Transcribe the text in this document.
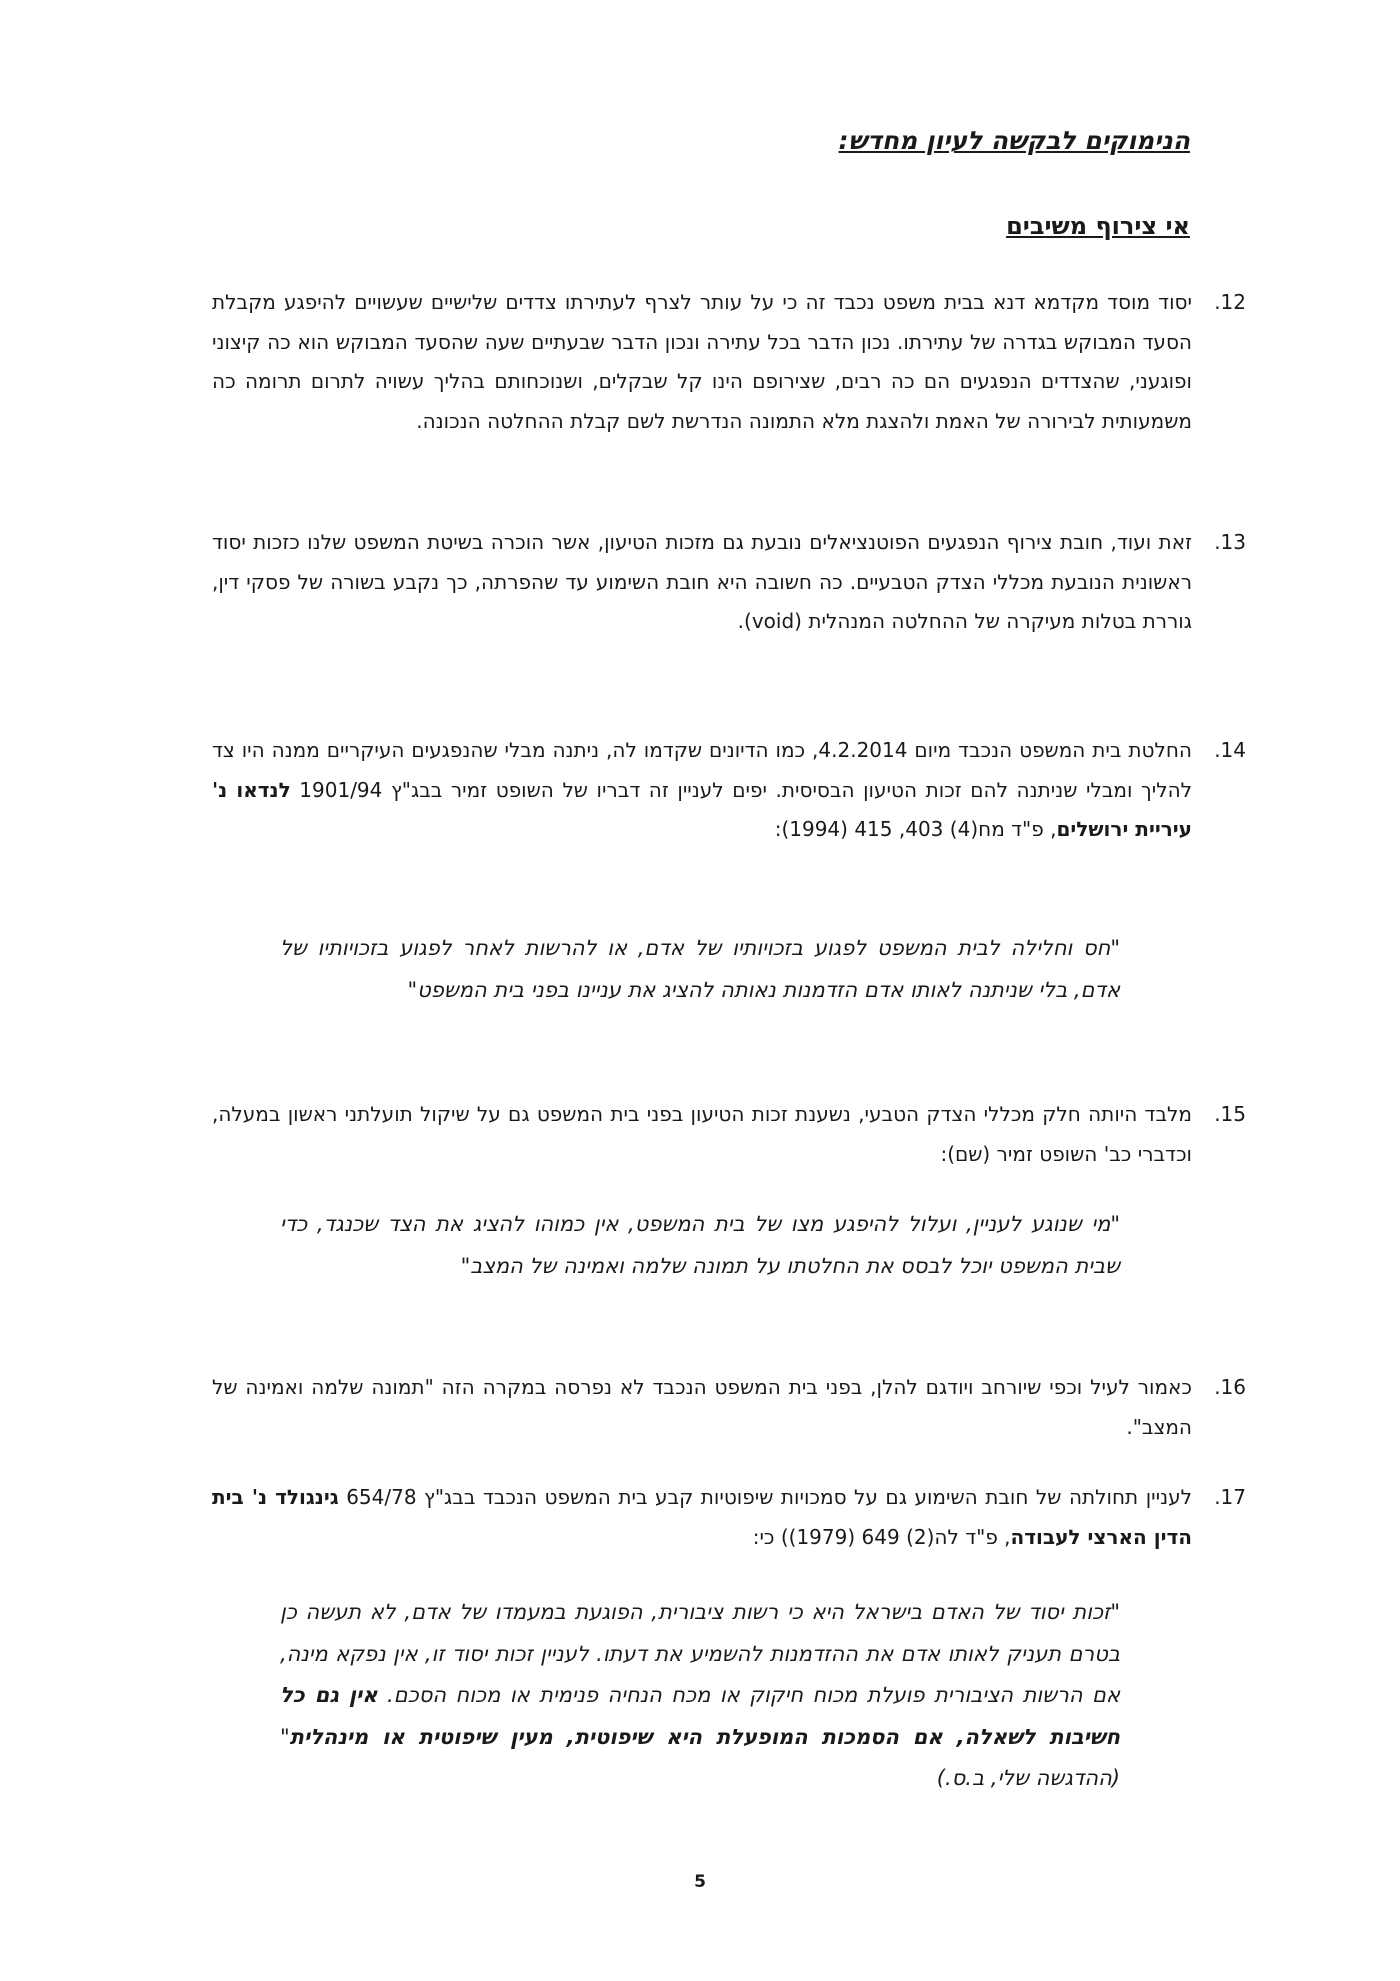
הנימוקים לבקשה לעיון מחדש:
אי צירוף משיבים
12.
יסוד מוסד מקדמא דנא בבית משפט נכבד זה כי על עותר לצרף לעתירתו צדדים שלישיים שעשויים להיפגע מקבלת הסעד המבוקש בגדרה של עתירתו. נכון הדבר בכל עתירה ונכון הדבר שבעתיים שעה שהסעד המבוקש הוא כה קיצוני ופוגעני, שהצדדים הנפגעים הם כה רבים, שצירופם הינו קל שבקלים, ושנוכחותם בהליך עשויה לתרום תרומה כה משמעותית לבירורה של האמת ולהצגת מלא התמונה הנדרשת לשם קבלת ההחלטה הנכונה.
13.
זאת ועוד, חובת צירוף הנפגעים הפוטנציאלים נובעת גם מזכות הטיעון, אשר הוכרה בשיטת המשפט שלנו כזכות יסוד ראשונית הנובעת מכללי הצדק הטבעיים. כה חשובה היא חובת השימוע עד שהפרתה, כך נקבע בשורה של פסקי דין, גוררת בטלות מעיקרה של ההחלטה המנהלית (void).
14.
החלטת בית המשפט הנכבד מיום 4.2.2014, כמו הדיונים שקדמו לה, ניתנה מבלי שהנפגעים העיקריים ממנה היו צד להליך ומבלי שניתנה להם זכות הטיעון הבסיסית. יפים לעניין זה דבריו של השופט זמיר בבג"ץ 1901/94 לנדאו נ' עיריית ירושלים, פ"ד מח(4) 403, 415 (1994):
"חס וחלילה לבית המשפט לפגוע בזכויותיו של אדם, או להרשות לאחר לפגוע בזכויותיו של אדם, בלי שניתנה לאותו אדם הזדמנות נאותה להציג את עניינו בפני בית המשפט"
15.
מלבד היותה חלק מכללי הצדק הטבעי, נשענת זכות הטיעון בפני בית המשפט גם על שיקול תועלתני ראשון במעלה, וכדברי כב' השופט זמיר (שם):
"מי שנוגע לעניין, ועלול להיפגע מצו של בית המשפט, אין כמוהו להציג את הצד שכנגד, כדי שבית המשפט יוכל לבסס את החלטתו על תמונה שלמה ואמינה של המצב"
16.
כאמור לעיל וכפי שיורחב ויודגם להלן, בפני בית המשפט הנכבד לא נפרסה במקרה הזה "תמונה שלמה ואמינה של המצב".
17.
לעניין תחולתה של חובת השימוע גם על סמכויות שיפוטיות קבע בית המשפט הנכבד בבג"ץ 654/78 גינגולד נ' בית הדין הארצי לעבודה, פ"ד לה(2) 649 (1979)) כי:
"זכות יסוד של האדם בישראל היא כי רשות ציבורית, הפוגעת במעמדו של אדם, לא תעשה כן בטרם תעניק לאותו אדם את ההזדמנות להשמיע את דעתו. לעניין זכות יסוד זו, אין נפקא מינה, אם הרשות הציבורית פועלת מכוח חיקוק או מכח הנחיה פנימית או מכוח הסכם. אין גם כל חשיבות לשאלה, אם הסמכות המופעלת היא שיפוטית, מעין שיפוטית או מינהלית" (ההדגשה שלי, ב.ס.)
5
